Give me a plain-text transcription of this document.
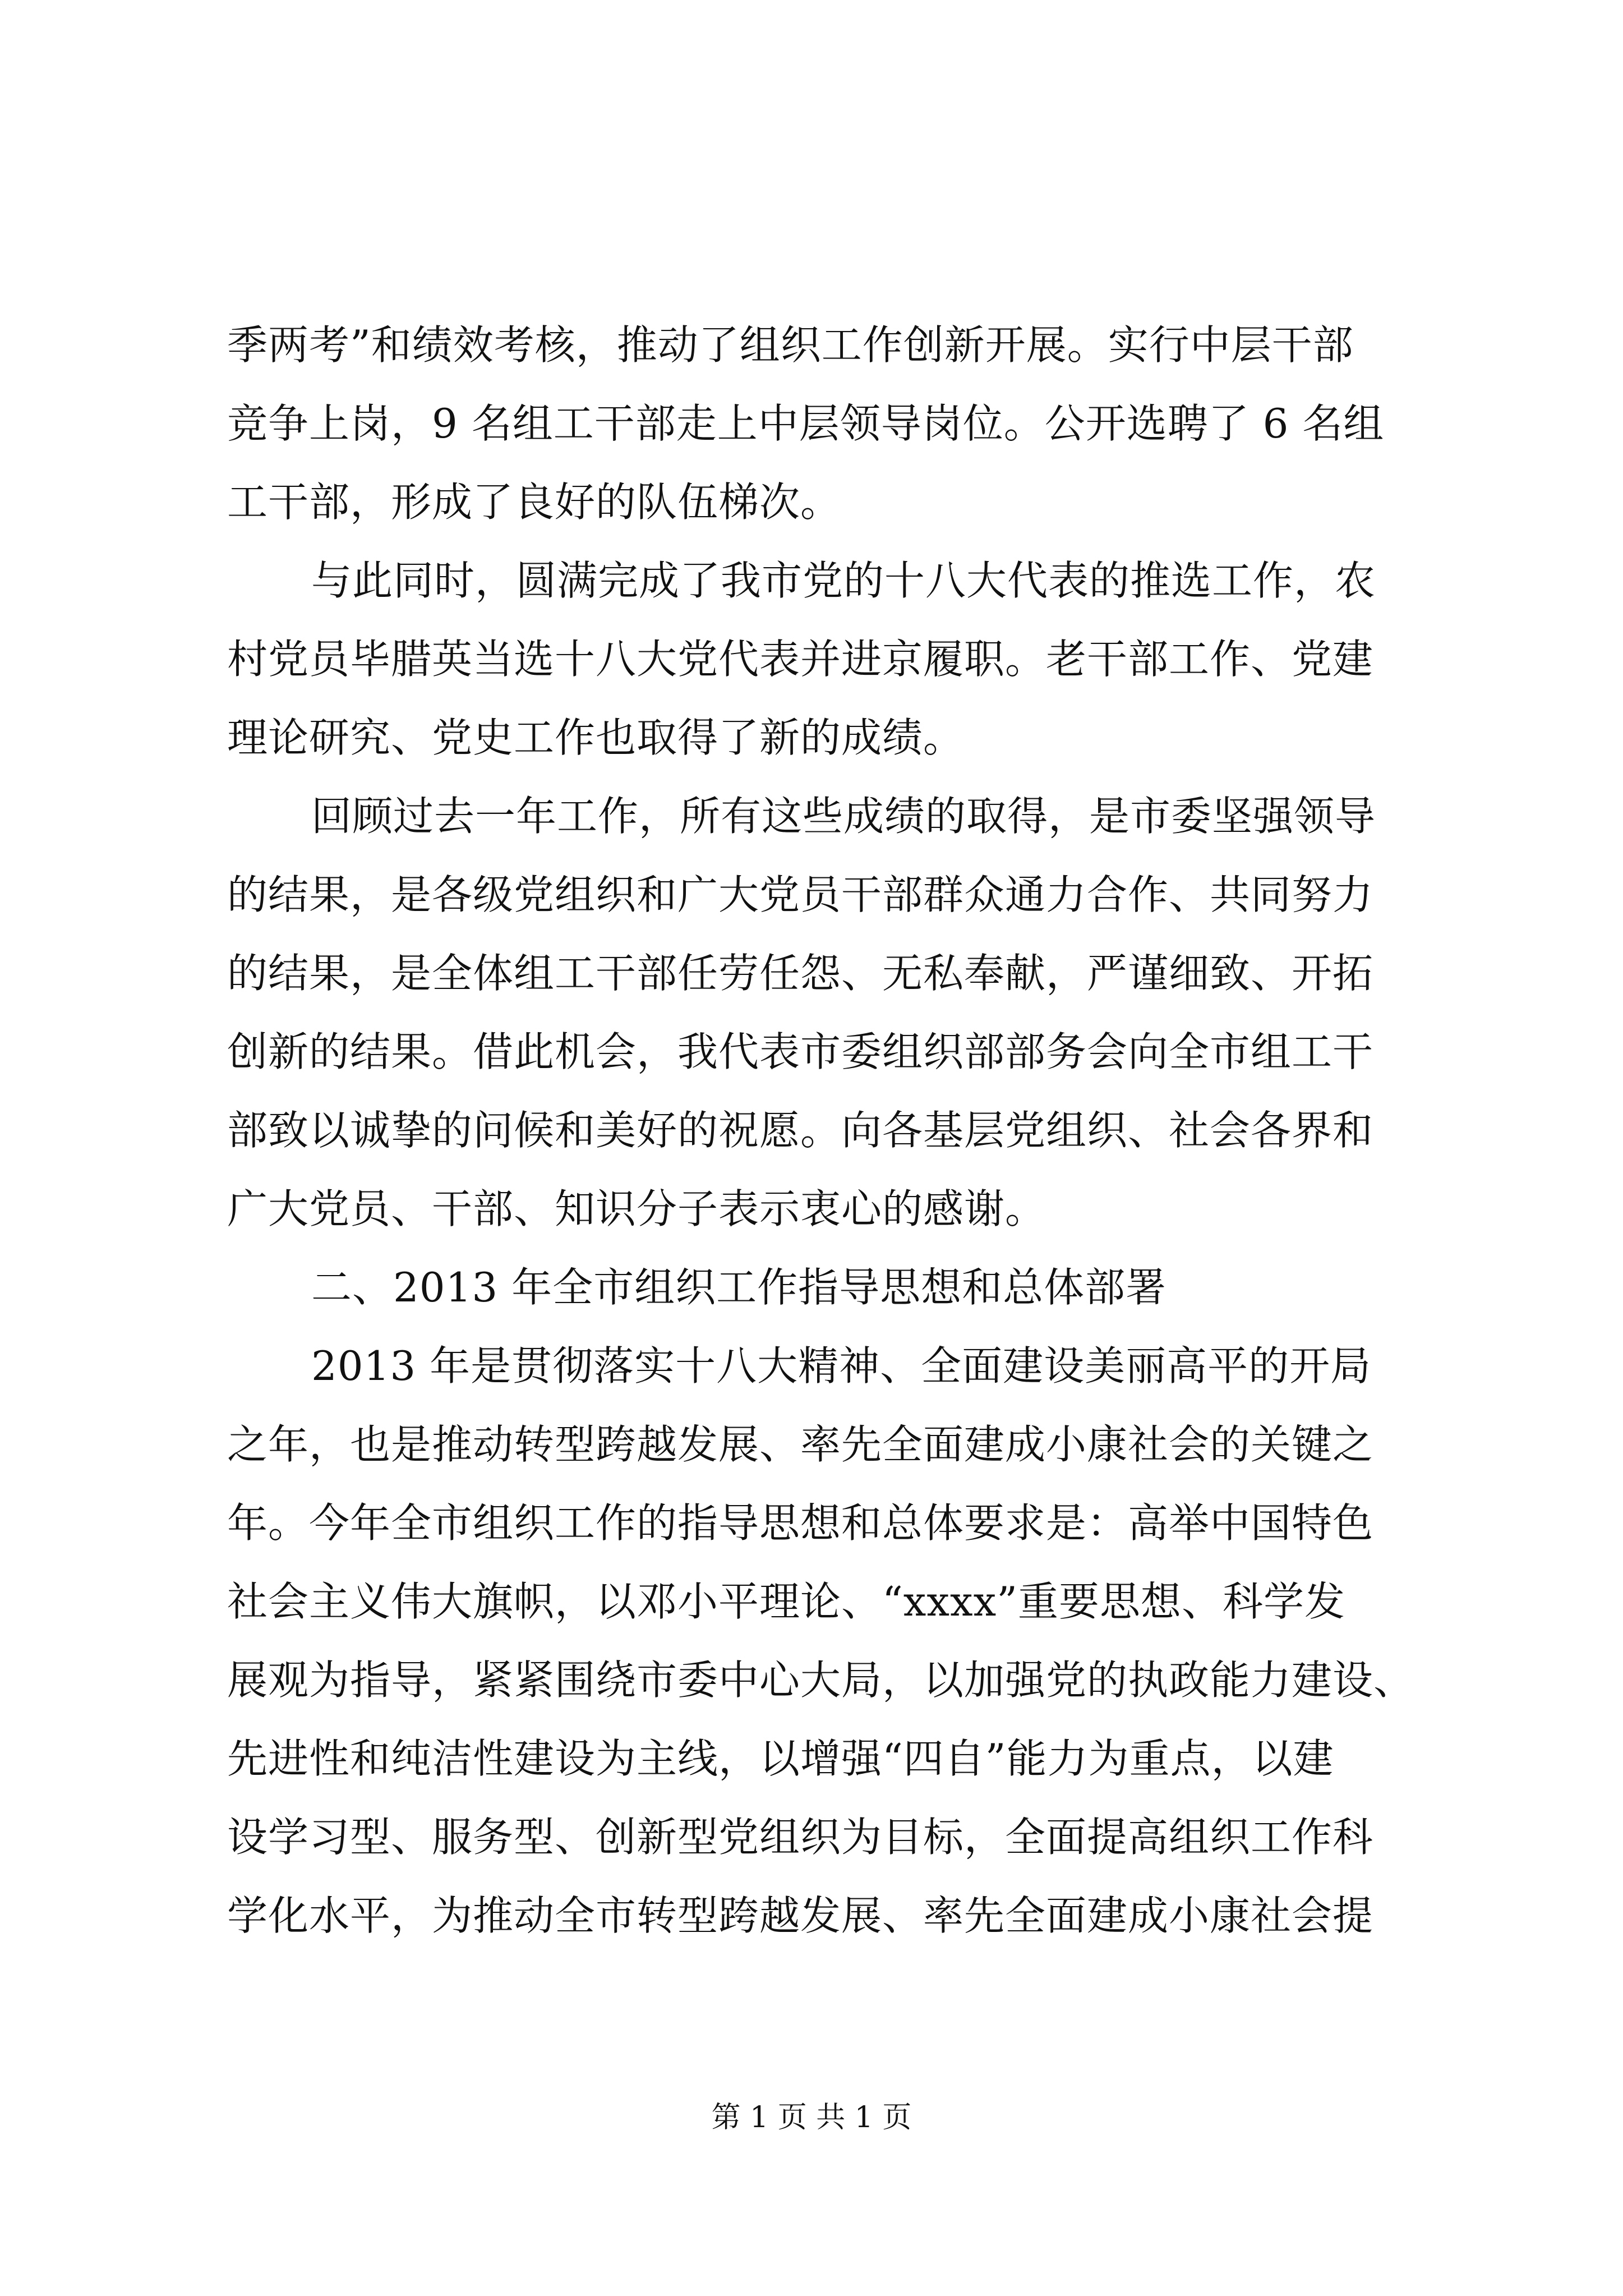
季两考”和绩效考核，推动了组织工作创新开展。实行中层干部
竞争上岗，9 名组工干部走上中层领导岗位。公开选聘了 6 名组
工干部，形成了良好的队伍梯次。
与此同时，圆满完成了我市党的十八大代表的推选工作，农
村党员毕腊英当选十八大党代表并进京履职。老干部工作、党建
理论研究、党史工作也取得了新的成绩。
回顾过去一年工作，所有这些成绩的取得，是市委坚强领导
的结果，是各级党组织和广大党员干部群众通力合作、共同努力
的结果，是全体组工干部任劳任怨、无私奉献，严谨细致、开拓
创新的结果。借此机会，我代表市委组织部部务会向全市组工干
部致以诚挚的问候和美好的祝愿。向各基层党组织、社会各界和
广大党员、干部、知识分子表示衷心的感谢。
二、2013 年全市组织工作指导思想和总体部署
2013 年是贯彻落实十八大精神、全面建设美丽高平的开局
之年，也是推动转型跨越发展、率先全面建成小康社会的关键之
年。今年全市组织工作的指导思想和总体要求是：高举中国特色
社会主义伟大旗帜，以邓小平理论、“xxxx”重要思想、科学发
展观为指导，紧紧围绕市委中心大局，以加强党的执政能力建设、
先进性和纯洁性建设为主线，以增强“四自”能力为重点，以建
设学习型、服务型、创新型党组织为目标，全面提高组织工作科
学化水平，为推动全市转型跨越发展、率先全面建成小康社会提
第 1 页 共 1 页
